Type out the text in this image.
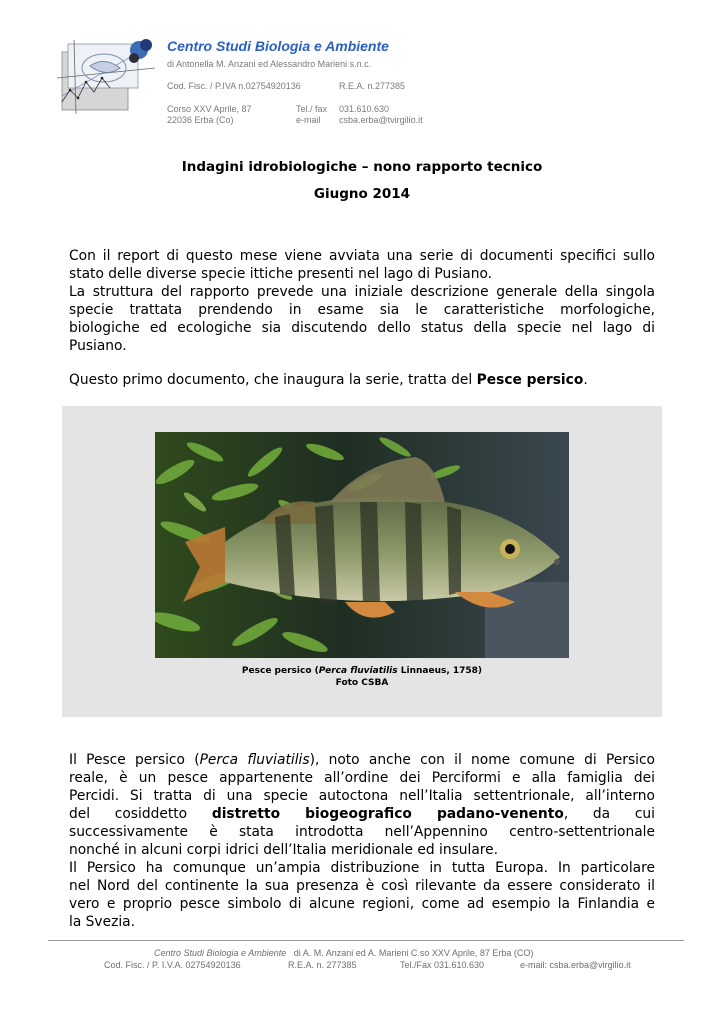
Centro Studi Biologia e Ambiente
di Antonella M. Anzani ed Alessandro Marieni s.n.c.
Cod. Fisc. / P.IVA n.02754920136	R.E.A. n.277385
Corso XXV Aprile, 87
22036 Erba (Co)
Tel./ fax 031.610.630
e-mail csba.erba@tvirgilio.it
Indagini idrobiologiche – nono rapporto tecnico
Giugno 2014
Con il report di questo mese viene avviata una serie di documenti specifici sullo
stato delle diverse specie ittiche presenti nel lago di Pusiano.
La struttura del rapporto prevede una iniziale descrizione generale della singola
specie trattata prendendo in esame sia le caratteristiche morfologiche,
biologiche ed ecologiche sia discutendo dello status della specie nel lago di
Pusiano.
Questo primo documento, che inaugura la serie, tratta del Pesce persico.
Pesce persico (Perca fluviatilis Linnaeus, 1758)
Foto CSBA
Il Pesce persico (Perca fluviatilis), noto anche con il nome comune di Persico
reale, è un pesce appartenente all’ordine dei Perciformi e alla famiglia dei
Percidi. Si tratta di una specie autoctona nell’Italia settentrionale, all’interno
del cosiddetto distretto biogeografico padano-venento, da cui
successivamente è stata introdotta nell’Appennino centro-settentrionale
nonché in alcuni corpi idrici dell’Italia meridionale ed insulare.
Il Persico ha comunque un’ampia distribuzione in tutta Europa. In particolare
nel Nord del continente la sua presenza è così rilevante da essere considerato il
vero e proprio pesce simbolo di alcune regioni, come ad esempio la Finlandia e
la Svezia.
Centro Studi Biologia e Ambiente di A. M. Anzani ed A. Marieni C.so XXV Aprile, 87 Erba (CO)
Cod. Fisc. / P. I.V.A. 02754920136	R.E.A. n. 277385	Tel./Fax 031.610.630	e-mail: csba.erba@virgilio.it
